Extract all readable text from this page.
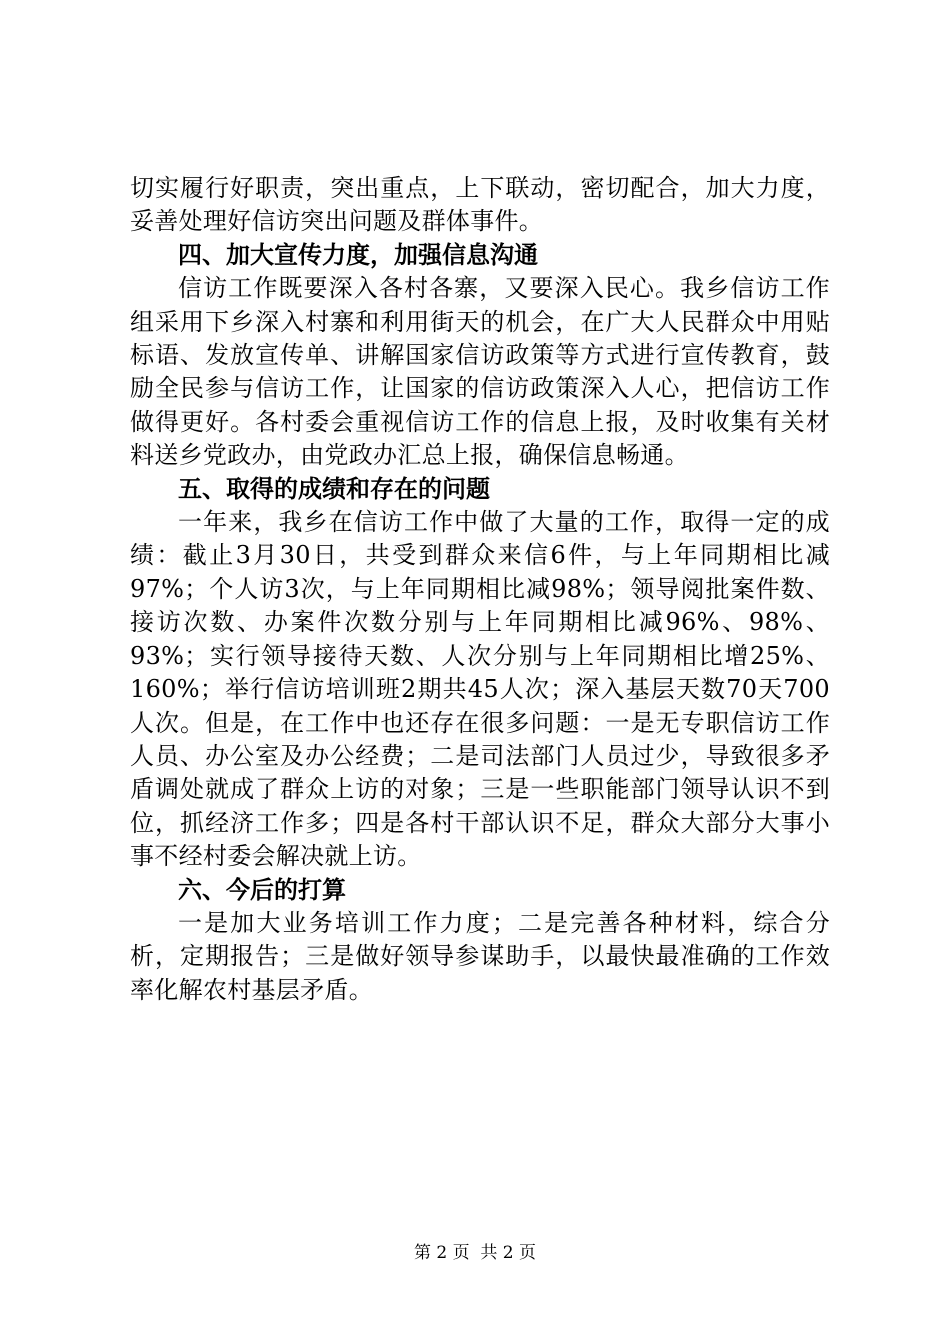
切实履行好职责，突出重点，上下联动，密切配合，加大力度，妥善处理好信访突出问题及群体事件。

四、加大宣传力度，加强信息沟通

信访工作既要深入各村各寨，又要深入民心。我乡信访工作组采用下乡深入村寨和利用街天的机会，在广大人民群众中用贴标语、发放宣传单、讲解国家信访政策等方式进行宣传教育，鼓励全民参与信访工作，让国家的信访政策深入人心，把信访工作做得更好。各村委会重视信访工作的信息上报，及时收集有关材料送乡党政办，由党政办汇总上报，确保信息畅通。

五、取得的成绩和存在的问题

一年来，我乡在信访工作中做了大量的工作，取得一定的成绩：截止3月30日，共受到群众来信6件，与上年同期相比减97%；个人访3次，与上年同期相比减98%；领导阅批案件数、接访次数、办案件次数分别与上年同期相比减96%、98%、93%；实行领导接待天数、人次分别与上年同期相比增25%、160%；举行信访培训班2期共45人次；深入基层天数70天700人次。但是，在工作中也还存在很多问题：一是无专职信访工作人员、办公室及办公经费；二是司法部门人员过少，导致很多矛盾调处就成了群众上访的对象；三是一些职能部门领导认识不到位，抓经济工作多；四是各村干部认识不足，群众大部分大事小事不经村委会解决就上访。

六、今后的打算

一是加大业务培训工作力度；二是完善各种材料，综合分析，定期报告；三是做好领导参谋助手，以最快最准确的工作效率化解农村基层矛盾。

第 2 页  共 2 页
